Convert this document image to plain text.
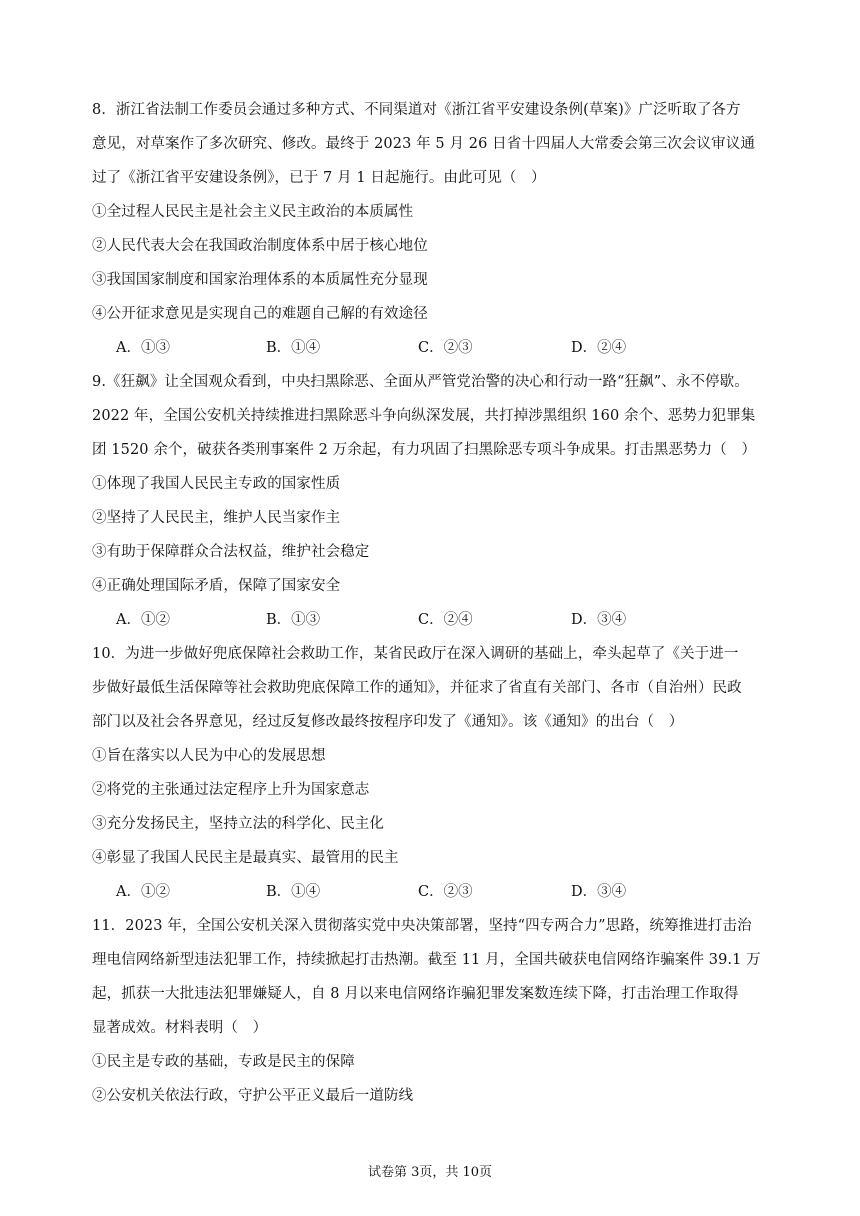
8．浙江省法制工作委员会通过多种方式、不同渠道对《浙江省平安建设条例(草案)》广泛听取了各方
意见，对草案作了多次研究、修改。最终于 2023 年 5 月 26 日省十四届人大常委会第三次会议审议通
过了《浙江省平安建设条例》，已于 7 月 1 日起施行。由此可见（　）
①全过程人民民主是社会主义民主政治的本质属性
②人民代表大会在我国政治制度体系中居于核心地位
③我国国家制度和国家治理体系的本质属性充分显现
④公开征求意见是实现自己的难题自己解的有效途径
A．①③	B．①④	C．②③	D．②④
9.《狂飙》让全国观众看到，中央扫黑除恶、全面从严管党治警的决心和行动一路“狂飙”、永不停歇。
2022 年，全国公安机关持续推进扫黑除恶斗争向纵深发展，共打掉涉黑组织 160 余个、恶势力犯罪集
团 1520 余个，破获各类刑事案件 2 万余起，有力巩固了扫黑除恶专项斗争成果。打击黑恶势力（　）
①体现了我国人民民主专政的国家性质
②坚持了人民民主，维护人民当家作主
③有助于保障群众合法权益，维护社会稳定
④正确处理国际矛盾，保障了国家安全
A．①②	B．①③	C．②④	D．③④
10．为进一步做好兜底保障社会救助工作，某省民政厅在深入调研的基础上，牵头起草了《关于进一
步做好最低生活保障等社会救助兜底保障工作的通知》，并征求了省直有关部门、各市（自治州）民政
部门以及社会各界意见，经过反复修改最终按程序印发了《通知》。该《通知》的出台（　）
①旨在落实以人民为中心的发展思想
②将党的主张通过法定程序上升为国家意志
③充分发扬民主，坚持立法的科学化、民主化
④彰显了我国人民民主是最真实、最管用的民主
A．①②	B．①④	C．②③	D．③④
11．2023 年，全国公安机关深入贯彻落实党中央决策部署，坚持“四专两合力”思路，统筹推进打击治
理电信网络新型违法犯罪工作，持续掀起打击热潮。截至 11 月，全国共破获电信网络诈骗案件 39.1 万
起，抓获一大批违法犯罪嫌疑人，自 8 月以来电信网络诈骗犯罪发案数连续下降，打击治理工作取得
显著成效。材料表明（　）
①民主是专政的基础，专政是民主的保障
②公安机关依法行政，守护公平正义最后一道防线
试卷第 3页，共 10页
